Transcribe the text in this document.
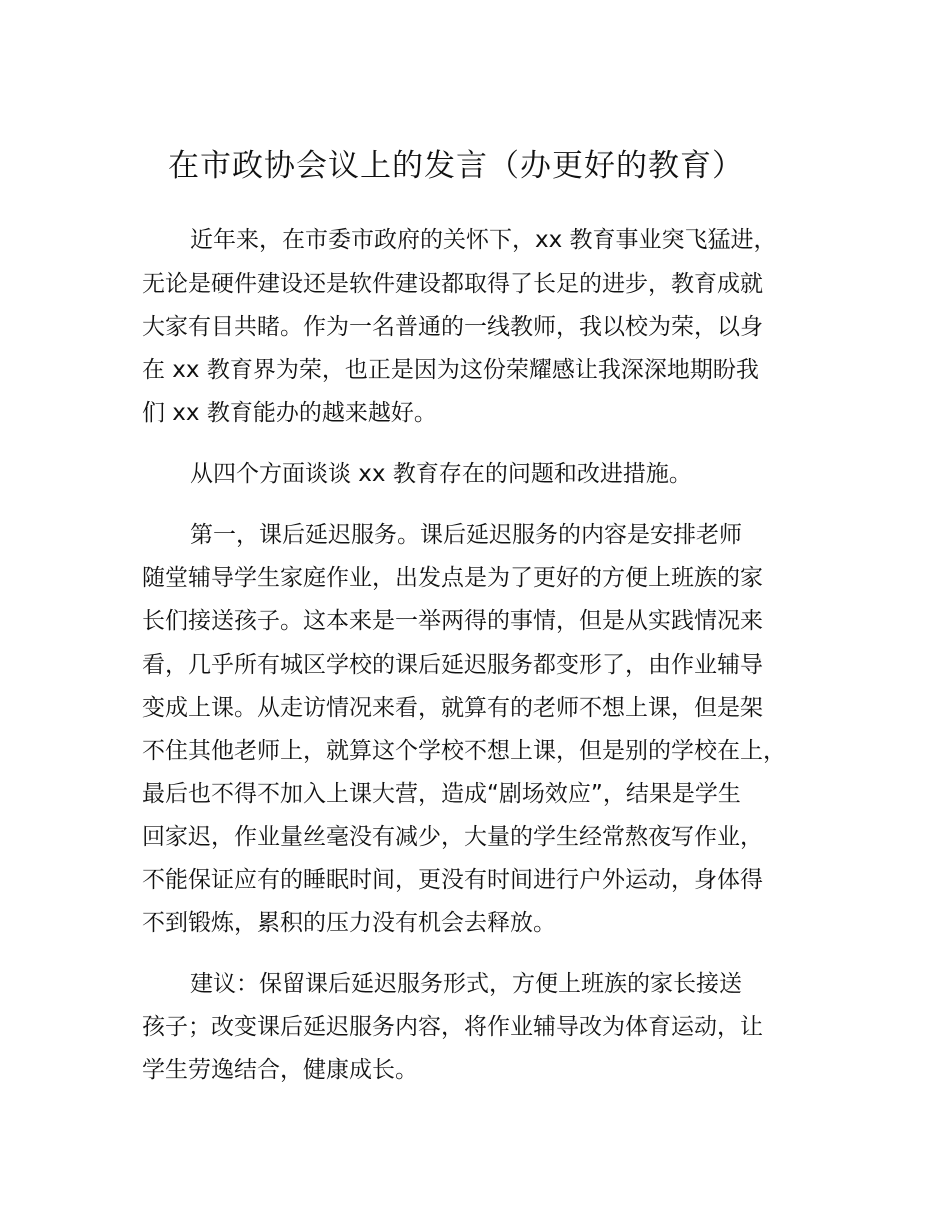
在市政协会议上的发言（办更好的教育）

近年来，在市委市政府的关怀下，xx 教育事业突飞猛进，

无论是硬件建设还是软件建设都取得了长足的进步，教育成就

大家有目共睹。作为一名普通的一线教师，我以校为荣，以身

在 xx 教育界为荣，也正是因为这份荣耀感让我深深地期盼我

们 xx 教育能办的越来越好。

从四个方面谈谈 xx 教育存在的问题和改进措施。

第一，课后延迟服务。课后延迟服务的内容是安排老师

随堂辅导学生家庭作业，出发点是为了更好的方便上班族的家

长们接送孩子。这本来是一举两得的事情，但是从实践情况来

看，几乎所有城区学校的课后延迟服务都变形了，由作业辅导

变成上课。从走访情况来看，就算有的老师不想上课，但是架

不住其他老师上，就算这个学校不想上课，但是别的学校在上，

最后也不得不加入上课大营，造成“剧场效应”，结果是学生

回家迟，作业量丝毫没有减少，大量的学生经常熬夜写作业，

不能保证应有的睡眠时间，更没有时间进行户外运动，身体得

不到锻炼，累积的压力没有机会去释放。

建议：保留课后延迟服务形式，方便上班族的家长接送

孩子；改变课后延迟服务内容，将作业辅导改为体育运动，让

学生劳逸结合，健康成长。
